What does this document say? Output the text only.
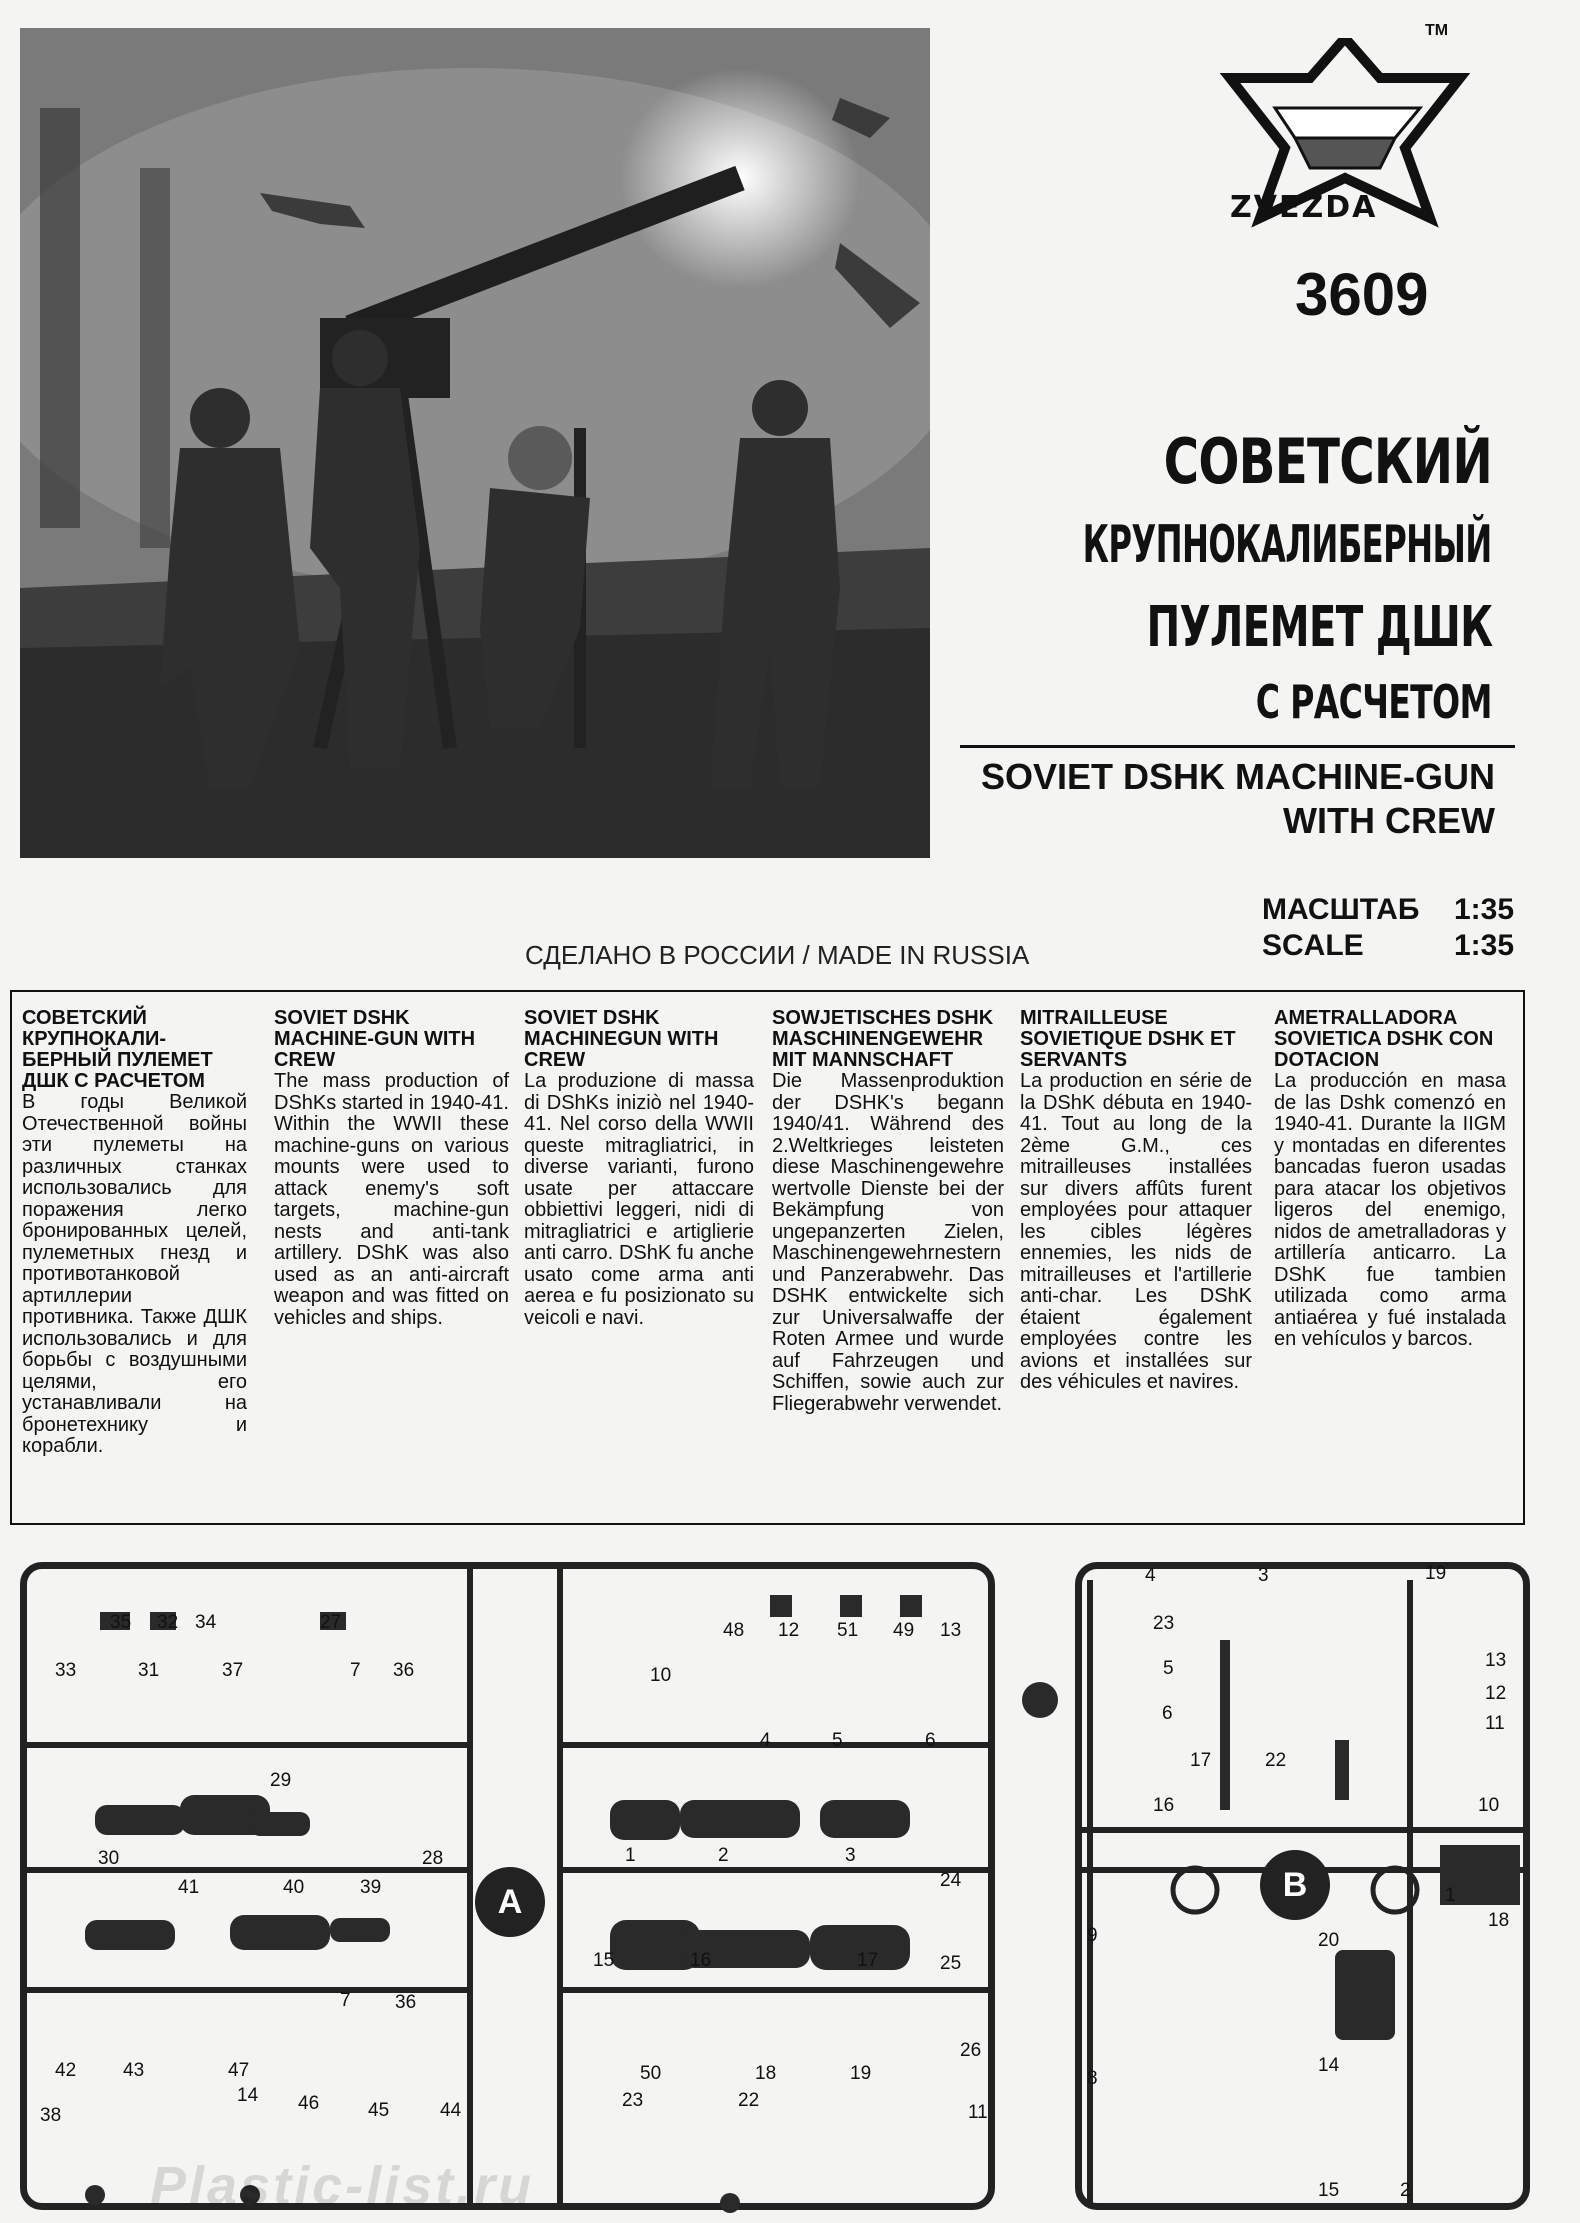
TM
ZVEZDA
3609
СОВЕТСКИЙ
КРУПНОКАЛИБЕРНЫЙ
ПУЛЕМЕТ ДШК
С РАСЧЕТОМ
SOVIET DSHK MACHINE-GUN
WITH CREW
МАСШТАБ 1:35
SCALE	1:35
СДЕЛАНО В РОССИИ / MADE IN RUSSIA
СОВЕТСКИЙ КРУПНОКАЛИ- БЕРНЫЙ ПУЛЕМЕТ ДШК С РАСЧЕТОМ

В годы Великой Отечественной войны эти пулеметы на различных станках использовались для поражения легко бронированных целей, пулеметных гнезд и противотанковой артиллерии противника. Также ДШК использовались и для борьбы с воздушными целями, его устанавливали на бронетехнику и корабли.

SOVIET DSHK MACHINE-GUN WITH CREW

The mass production of DShKs started in 1940-41. Within the WWII these machine-guns on various mounts were used to attack enemy's soft targets, machine-gun nests and anti-tank artillery. DShK was also used as an anti-aircraft weapon and was fitted on vehicles and ships.

SOVIET DSHK MACHINEGUN WITH CREW

La produzione di massa di DShKs iniziò nel 1940-41. Nel corso della WWII queste mitragliatrici, in diverse varianti, furono usate per attaccare obbiettivi leggeri, nidi di mitragliatrici e artiglierie anti carro. DShK fu anche usato come arma anti aerea e fu posizionato su veicoli e navi.

SOWJETISCHES DSHK MASCHINENGEWEHR MIT MANNSCHAFT

Die Massenproduktion der DSHK's begann 1940/41. Während des 2.Weltkrieges leisteten diese Maschinengewehre wertvolle Dienste bei der Bekämpfung von ungepanzerten Zielen, Maschinengewehrnestern und Panzerabwehr. Das DSHK entwickelte sich zur Universalwaffe der Roten Armee und wurde auf Fahrzeugen und Schiffen, sowie auch zur Fliegerabwehr verwendet.

MITRAILLEUSE SOVIETIQUE DSHK ET SERVANTS

La production en série de la DShK débuta en 1940-41. Tout au long de la 2ème G.M., ces mitrailleuses installées sur divers affûts furent employées pour attaquer les cibles légères ennemies, les nids de mitrailleuses et l'artillerie anti-char. Les DShK étaient également employées contre les avions et installées sur des véhicules et navires.

AMETRALLADORA SOVIETICA DSHK CON DOTACION

La producción en masa de las Dshk comenzó en 1940-41. Durante la IIGM y montadas en diferentes bancadas fueron usadas para atacar los objetivos ligeros del enemigo, nidos de ametralladoras y artillería anticarro. La DShK fue tambien utilizada como arma antiaérea y fué instalada en vehículos y barcos.

A
35 32 34	27	48 12 51 49 13
33	31	37	7 36	10
4	5	6
29
30	28	1	2	3
41	40	39	24
15	16	17	25
7 36
42 43	47	50	18	19
26
38
14 46	45	44	23	22
11
B
4	3	19
23
13
5
12
6	11
17	22
16	10
1
9	20
18
8
14
15	2
Plastic-list.ru
